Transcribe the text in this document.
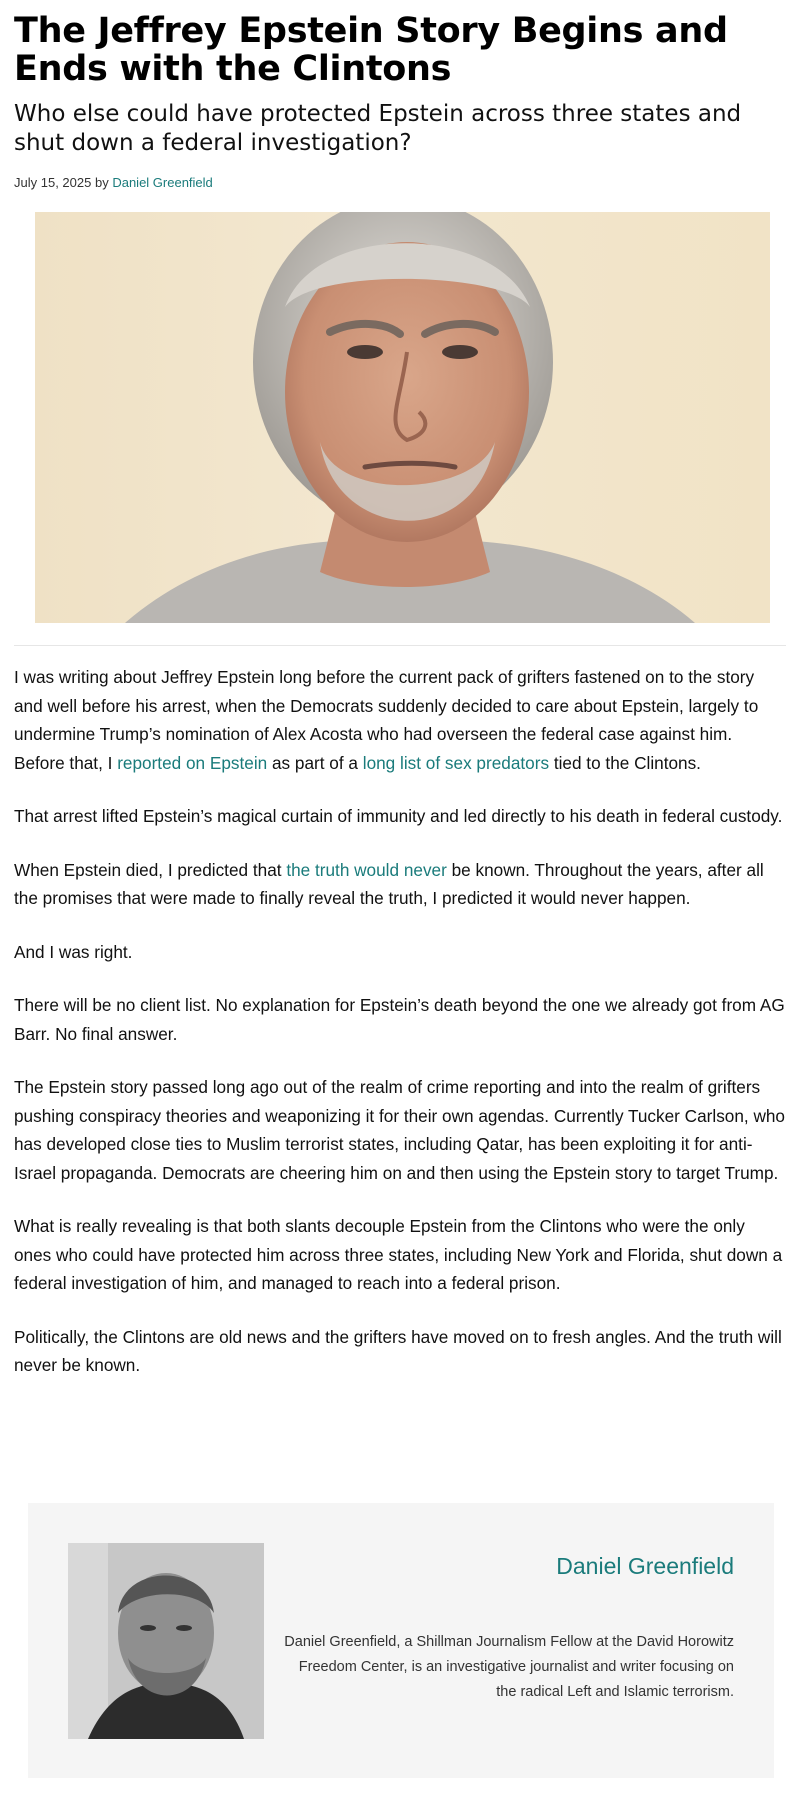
The Jeffrey Epstein Story Begins and Ends with the Clintons
Who else could have protected Epstein across three states and shut down a federal investigation?
July 15, 2025 by Daniel Greenfield

I was writing about Jeffrey Epstein long before the current pack of grifters fastened on to the story and well before his arrest, when the Democrats suddenly decided to care about Epstein, largely to undermine Trump’s nomination of Alex Acosta who had overseen the federal case against him. Before that, I reported on Epstein as part of a long list of sex predators tied to the Clintons.

That arrest lifted Epstein’s magical curtain of immunity and led directly to his death in federal custody.

When Epstein died, I predicted that the truth would never be known. Throughout the years, after all the promises that were made to finally reveal the truth, I predicted it would never happen.

And I was right.

There will be no client list. No explanation for Epstein’s death beyond the one we already got from AG Barr. No final answer.

The Epstein story passed long ago out of the realm of crime reporting and into the realm of grifters pushing conspiracy theories and weaponizing it for their own agendas. Currently Tucker Carlson, who has developed close ties to Muslim terrorist states, including Qatar, has been exploiting it for anti-Israel propaganda. Democrats are cheering him on and then using the Epstein story to target Trump.

What is really revealing is that both slants decouple Epstein from the Clintons who were the only ones who could have protected him across three states, including New York and Florida, shut down a federal investigation of him, and managed to reach into a federal prison.

Politically, the Clintons are old news and the grifters have moved on to fresh angles. And the truth will never be known.

Daniel Greenfield
Daniel Greenfield, a Shillman Journalism Fellow at the David Horowitz Freedom Center, is an investigative journalist and writer focusing on the radical Left and Islamic terrorism.
